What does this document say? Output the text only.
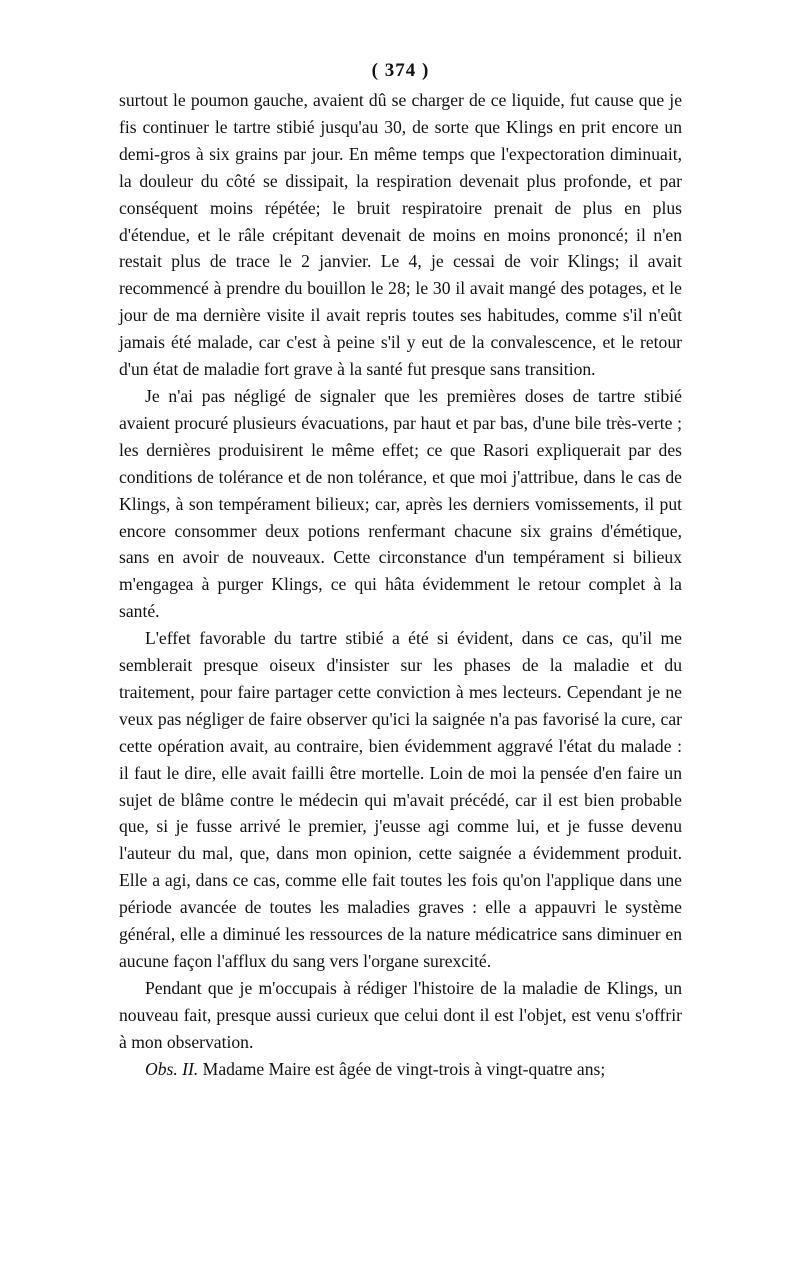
( 374 )

surtout le poumon gauche, avaient dû se charger de ce liquide, fut cause que je fis continuer le tartre stibié jusqu'au 30, de sorte que Klings en prit encore un demi-gros à six grains par jour. En même temps que l'expectoration diminuait, la douleur du côté se dissipait, la respiration devenait plus profonde, et par conséquent moins répétée; le bruit respiratoire prenait de plus en plus d'étendue, et le râle crépitant devenait de moins en moins prononcé; il n'en restait plus de trace le 2 janvier. Le 4, je cessai de voir Klings; il avait recommencé à prendre du bouillon le 28; le 30 il avait mangé des potages, et le jour de ma dernière visite il avait repris toutes ses habitudes, comme s'il n'eût jamais été malade, car c'est à peine s'il y eut de la convalescence, et le retour d'un état de maladie fort grave à la santé fut presque sans transition.

Je n'ai pas négligé de signaler que les premières doses de tartre stibié avaient procuré plusieurs évacuations, par haut et par bas, d'une bile très-verte ; les dernières produisirent le même effet; ce que Rasori expliquerait par des conditions de tolérance et de non tolérance, et que moi j'attribue, dans le cas de Klings, à son tempérament bilieux; car, après les derniers vomissements, il put encore consommer deux potions renfermant chacune six grains d'émétique, sans en avoir de nouveaux. Cette circonstance d'un tempérament si bilieux m'engagea à purger Klings, ce qui hâta évidemment le retour complet à la santé.

L'effet favorable du tartre stibié a été si évident, dans ce cas, qu'il me semblerait presque oiseux d'insister sur les phases de la maladie et du traitement, pour faire partager cette conviction à mes lecteurs. Cependant je ne veux pas négliger de faire observer qu'ici la saignée n'a pas favorisé la cure, car cette opération avait, au contraire, bien évidemment aggravé l'état du malade : il faut le dire, elle avait failli être mortelle. Loin de moi la pensée d'en faire un sujet de blâme contre le médecin qui m'avait précédé, car il est bien probable que, si je fusse arrivé le premier, j'eusse agi comme lui, et je fusse devenu l'auteur du mal, que, dans mon opinion, cette saignée a évidemment produit. Elle a agi, dans ce cas, comme elle fait toutes les fois qu'on l'applique dans une période avancée de toutes les maladies graves : elle a appauvri le système général, elle a diminué les ressources de la nature médicatrice sans diminuer en aucune façon l'afflux du sang vers l'organe surexcité.

Pendant que je m'occupais à rédiger l'histoire de la maladie de Klings, un nouveau fait, presque aussi curieux que celui dont il est l'objet, est venu s'offrir à mon observation.

Obs. II. Madame Maire est âgée de vingt-trois à vingt-quatre ans;
